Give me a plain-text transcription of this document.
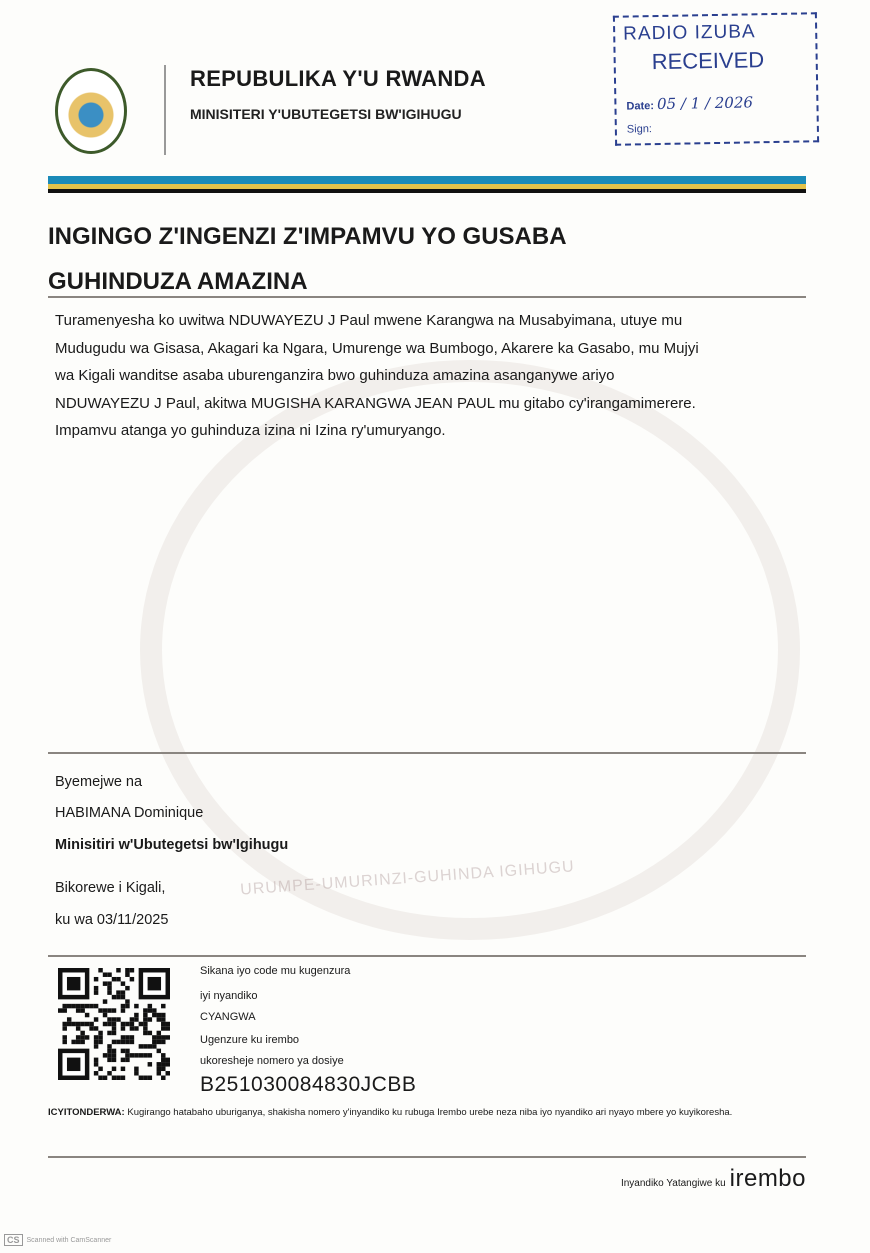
REPUBULIKA Y'U RWANDA
MINISITERI Y'UBUTEGETSI BW'IGIHUGU
RADIO IZUBA
RECEIVED
Date: 05 / 1 / 2026
Sign:
URUMPE-UMURINZI-GUHINDA IGIHUGU
INGINGO Z'INGENZI Z'IMPAMVU YO GUSABA
GUHINDUZA AMAZINA
Turamenyesha ko uwitwa NDUWAYEZU J Paul mwene Karangwa na Musabyimana, utuye mu
Mudugudu wa Gisasa, Akagari ka Ngara, Umurenge wa Bumbogo, Akarere ka Gasabo, mu Mujyi
wa Kigali wanditse asaba uburenganzira bwo guhinduza amazina asanganywe ariyo
NDUWAYEZU J Paul, akitwa MUGISHA KARANGWA JEAN PAUL mu gitabo cy'irangamimerere.
Impamvu atanga yo guhinduza izina ni Izina ry'umuryango.
Byemejwe na
HABIMANA Dominique
Minisitiri w'Ubutegetsi bw'Igihugu
Bikorewe i Kigali,
ku wa 03/11/2025
Sikana iyo code mu kugenzura
iyi nyandiko
CYANGWA
Ugenzure ku irembo
ukoresheje nomero ya dosiye
B251030084830JCBB
ICYITONDERWA: Kugirango hatabaho uburiganya, shakisha nomero y'inyandiko ku rubuga Irembo urebe neza niba iyo nyandiko ari nyayo mbere yo kuyikoresha.
Inyandiko Yatangiwe ku irembo
CS	Scanned with CamScanner
